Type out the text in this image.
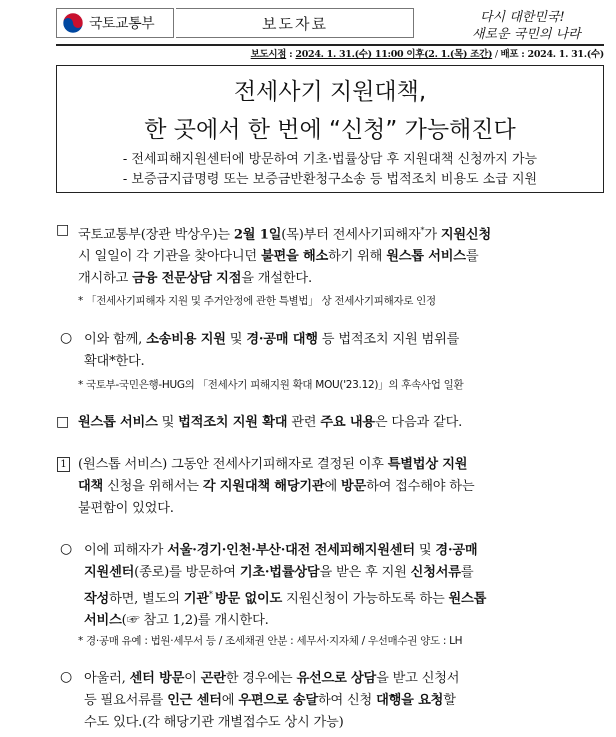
국토교통부	보도자료	다시 대한민국!
새로운 국민의 나라
보도시점 : 2024. 1. 31.(수) 11:00 이후(2. 1.(목) 조간) / 배포 : 2024. 1. 31.(수)
전세사기 지원대책,
한 곳에서 한 번에 “신청” 가능해진다
- 전세피해지원센터에 방문하여 기초·법률상담 후 지원대책 신청까지 가능
- 보증금지급명령 또는 보증금반환청구소송 등 법적조치 비용도 소급 지원
□ 국토교통부(장관 박상우)는 2월 1일(목)부터 전세사기피해자*가 지원신청
시 일일이 각 기관을 찾아다니던 불편을 해소하기 위해 원스톱 서비스를
개시하고 금융 전문상담 지점을 개설한다.
* 「전세사기피해자 지원 및 주거안정에 관한 특별법」 상 전세사기피해자로 인정
○ 이와 함께, 소송비용 지원 및 경·공매 대행 등 법적조치 지원 범위를
확대*한다.
* 국토부-국민은행-HUG의 「전세사기 피해지원 확대 MOU('23.12)」의 후속사업 일환
□ 원스톱 서비스 및 법적조치 지원 확대 관련 주요 내용은 다음과 같다.
1 (원스톱 서비스) 그동안 전세사기피해자로 결정된 이후 특별법상 지원
대책 신청을 위해서는 각 지원대책 해당기관에 방문하여 접수해야 하는
불편함이 있었다.
○ 이에 피해자가 서울·경기·인천·부산·대전 전세피해지원센터 및 경·공매
지원센터(종로)를 방문하여 기초·법률상담을 받은 후 지원 신청서류를
작성하면, 별도의 기관* 방문 없이도 지원신청이 가능하도록 하는 원스톱
서비스(☞ 참고 1,2)를 개시한다.
* 경·공매 유예 : 법원·세무서 등 / 조세채권 안분 : 세무서·지자체 / 우선매수권 양도 : LH
○ 아울러, 센터 방문이 곤란한 경우에는 유선으로 상담을 받고 신청서
등 필요서류를 인근 센터에 우편으로 송달하여 신청 대행을 요청할
수도 있다.(각 해당기관 개별접수도 상시 가능)
